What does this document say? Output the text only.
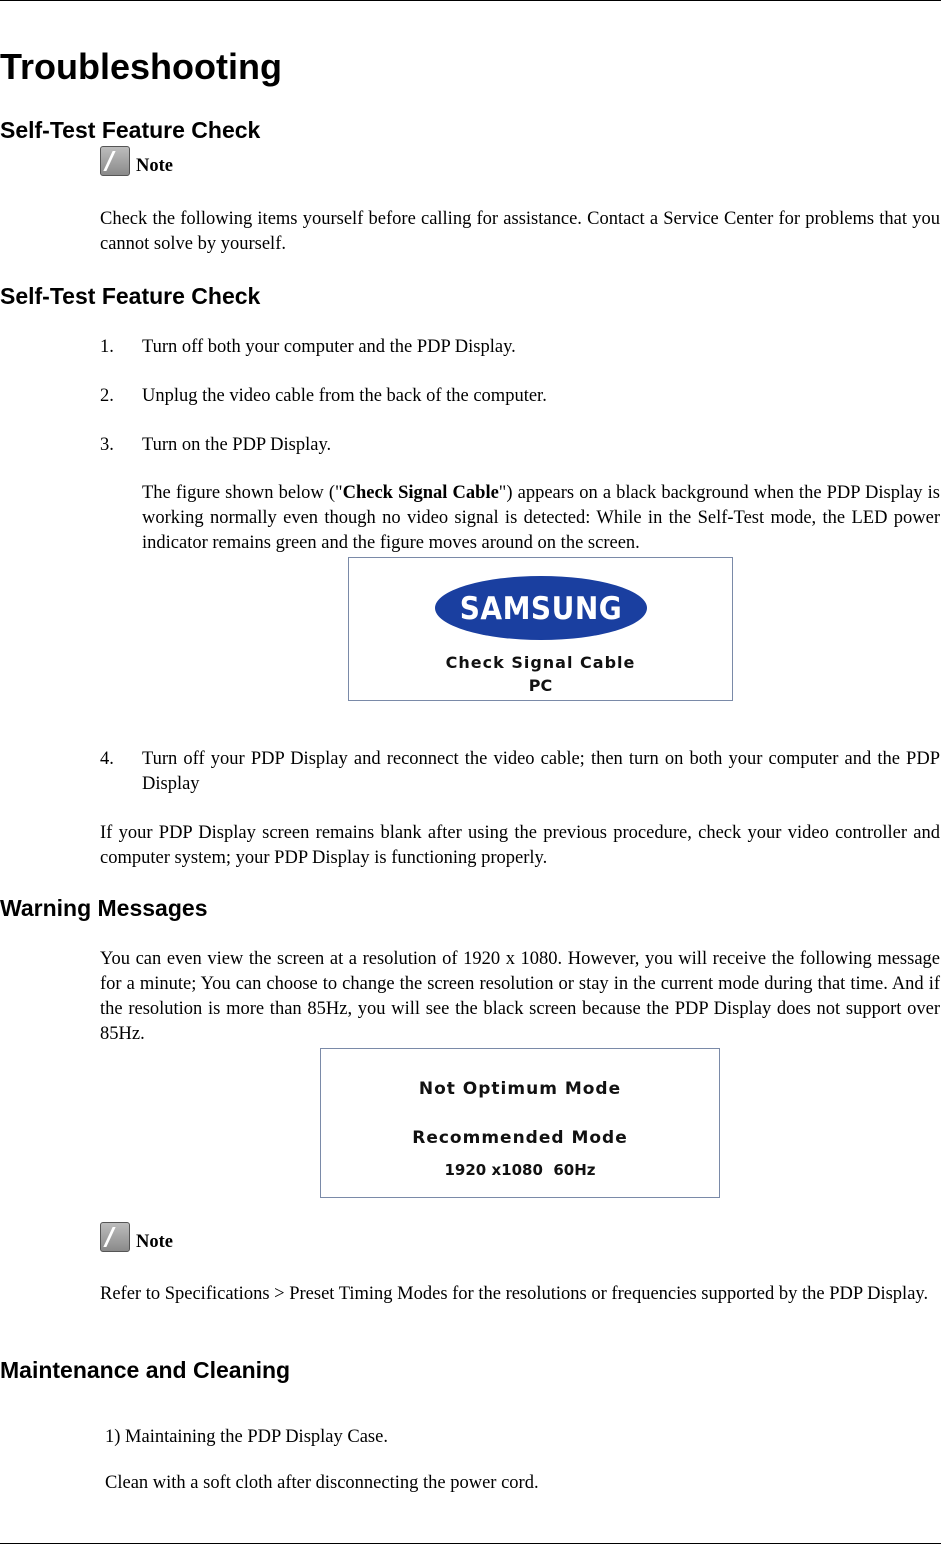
Troubleshooting
Self-Test Feature Check
Note

Check the following items yourself before calling for assistance. Contact a Service Center for problems that you cannot solve by yourself.

Self-Test Feature Check
1. Turn off both your computer and the PDP Display.

2. Unplug the video cable from the back of the computer.

3. Turn on the PDP Display.

The figure shown below ("Check Signal Cable") appears on a black background when the PDP Display is working normally even though no video signal is detected: While in the Self-Test mode, the LED power indicator remains green and the figure moves around on the screen.

SAMSUNG
Check Signal Cable
PC
4. Turn off your PDP Display and reconnect the video cable; then turn on both your computer and the PDP Display

If your PDP Display screen remains blank after using the previous procedure, check your video controller and computer system; your PDP Display is functioning properly.

Warning Messages

You can even view the screen at a resolution of 1920 x 1080. However, you will receive the following message for a minute; You can choose to change the screen resolution or stay in the current mode during that time. And if the resolution is more than 85Hz, you will see the black screen because the PDP Display does not support over 85Hz.

Not Optimum Mode
Recommended Mode
1920 x1080  60Hz
Note

Refer to Specifications > Preset Timing Modes for the resolutions or frequencies supported by the PDP Display.

Maintenance and Cleaning

1) Maintaining the PDP Display Case.

Clean with a soft cloth after disconnecting the power cord.
